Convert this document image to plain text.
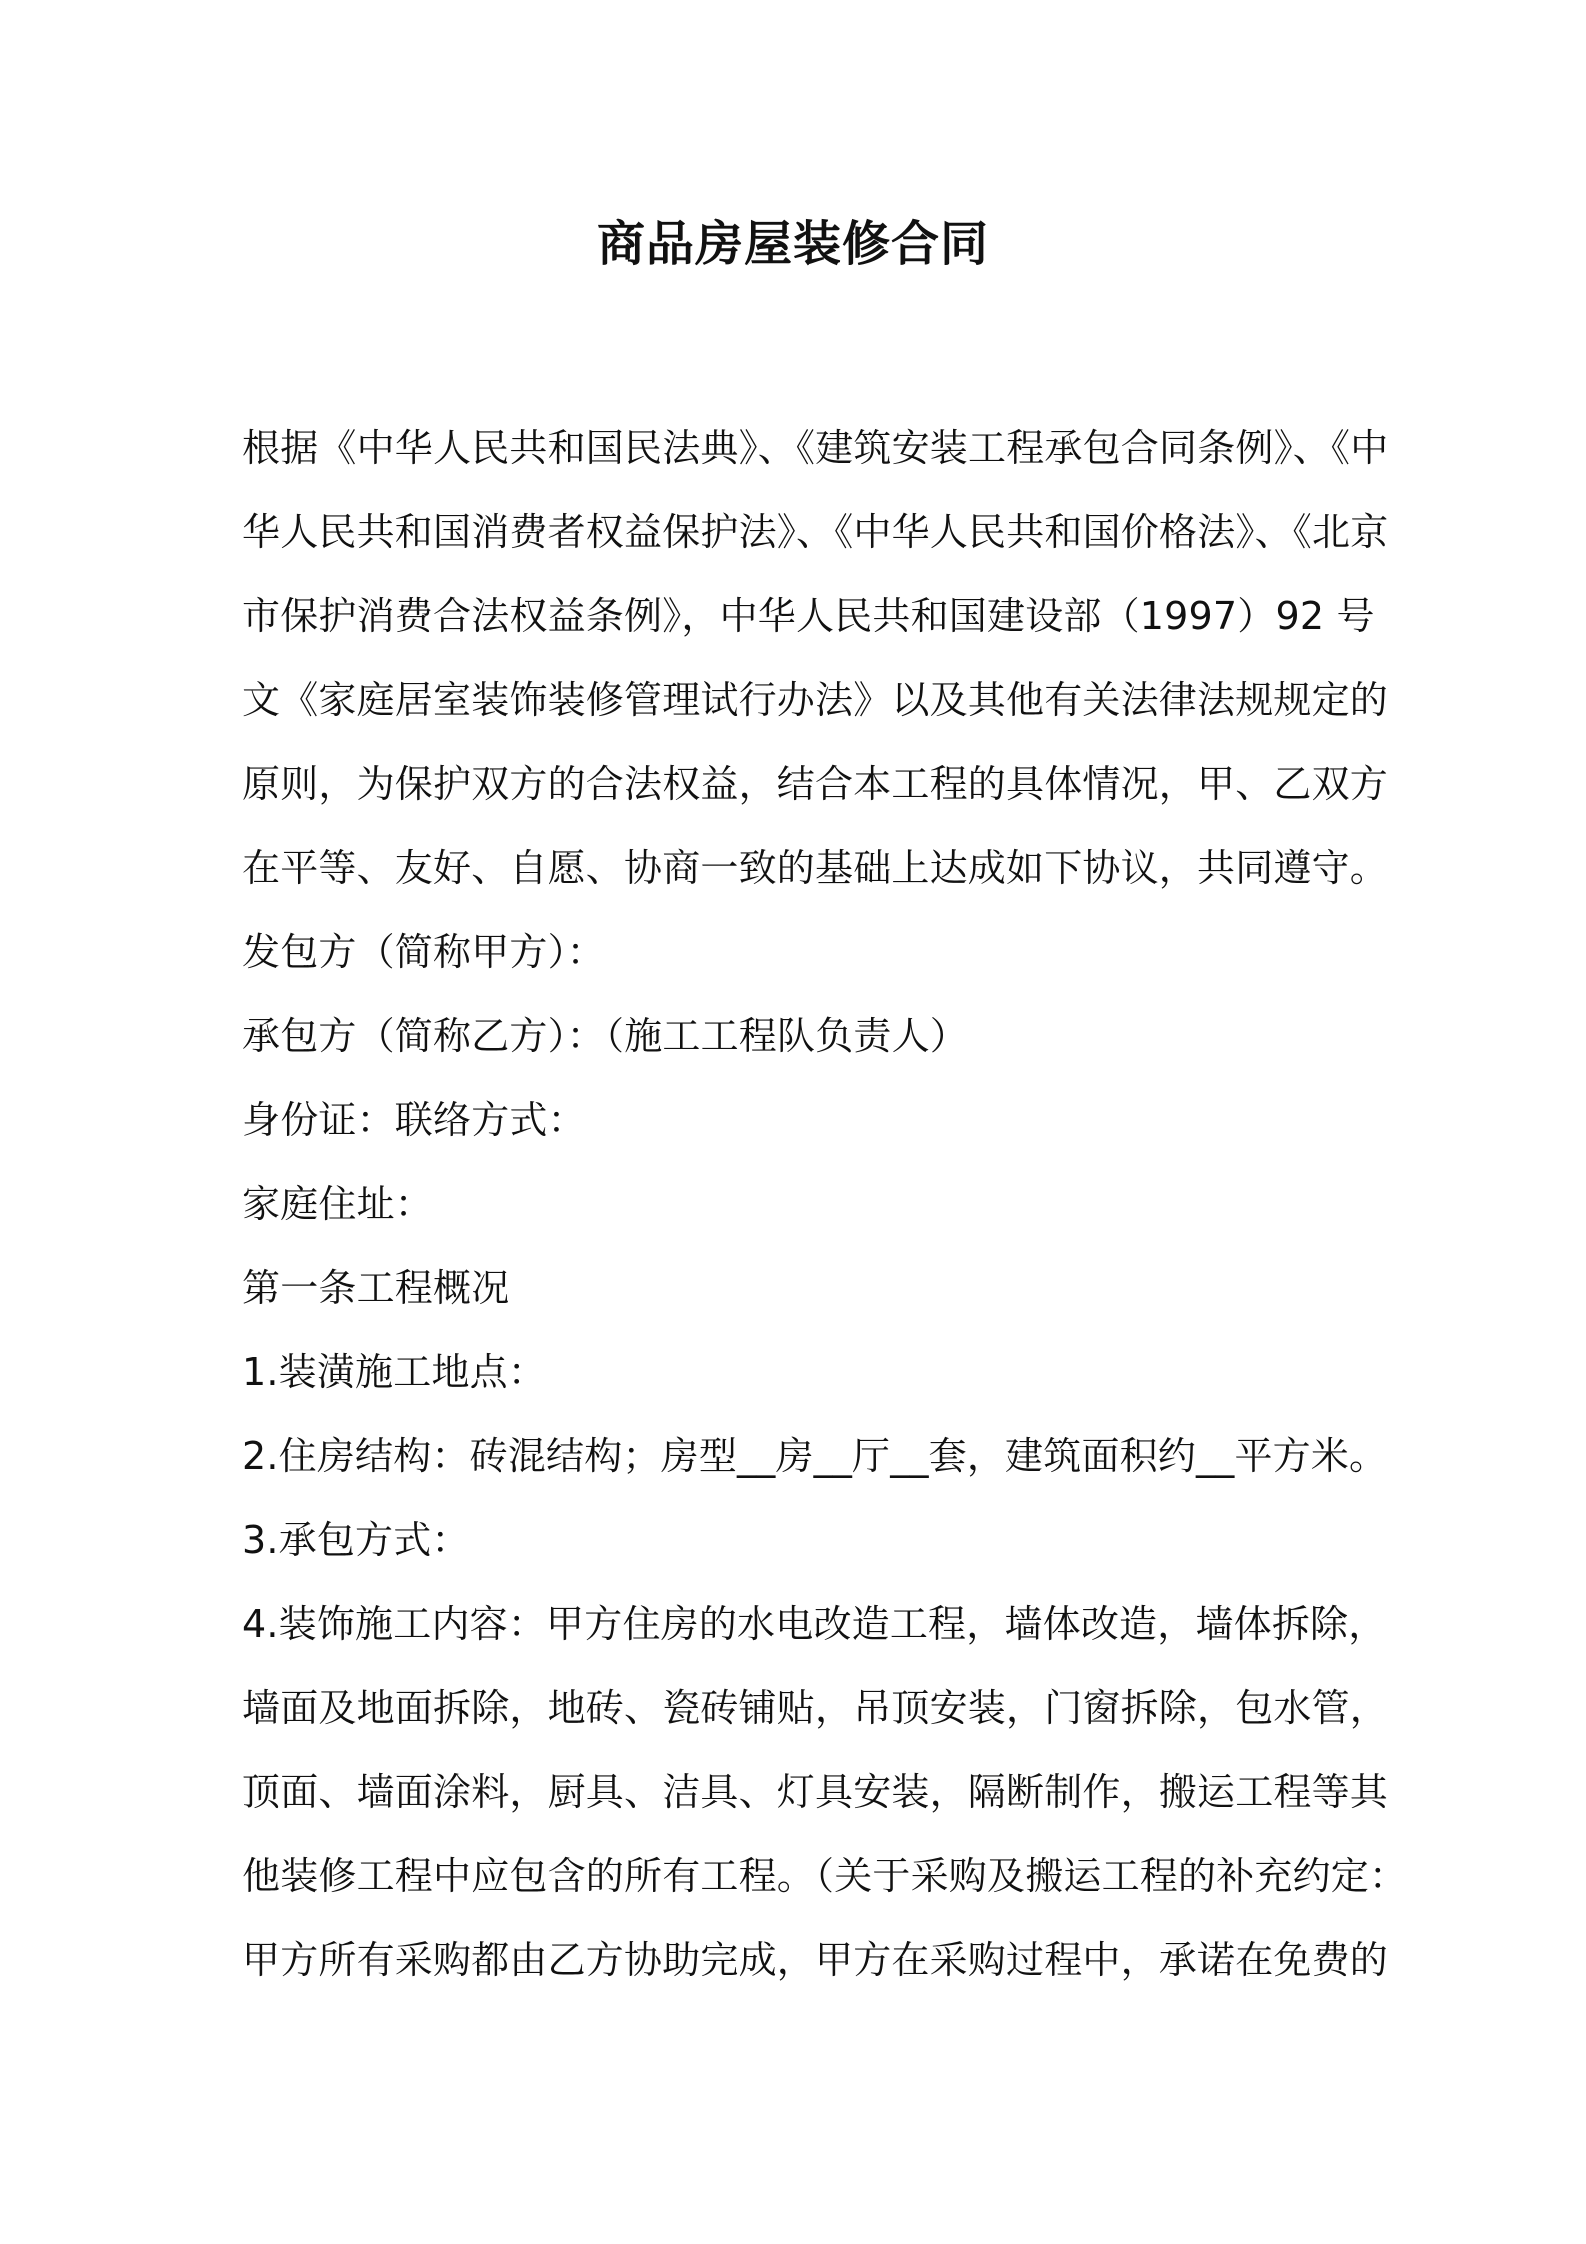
商品房屋装修合同
根据《中华人民共和国民法典》、《建筑安装工程承包合同条例》、《中
华人民共和国消费者权益保护法》、《中华人民共和国价格法》、《北京
市保护消费合法权益条例》，中华人民共和国建设部（1997）92 号
文《家庭居室装饰装修管理试行办法》以及其他有关法律法规规定的
原则，为保护双方的合法权益，结合本工程的具体情况，甲、乙双方
在平等、友好、自愿、协商一致的基础上达成如下协议，共同遵守。
发包方（简称甲方）：
承包方（简称乙方）：（施工工程队负责人）
身份证：联络方式：
家庭住址：
第一条工程概况
1.装潢施工地点：
2.住房结构：砖混结构；房型__房__厅__套，建筑面积约__平方米。
3.承包方式：
4.装饰施工内容：甲方住房的水电改造工程，墙体改造，墙体拆除，
墙面及地面拆除，地砖、瓷砖铺贴，吊顶安装，门窗拆除，包水管，
顶面、墙面涂料，厨具、洁具、灯具安装，隔断制作，搬运工程等其
他装修工程中应包含的所有工程。（关于采购及搬运工程的补充约定：
甲方所有采购都由乙方协助完成，甲方在采购过程中，承诺在免费的
